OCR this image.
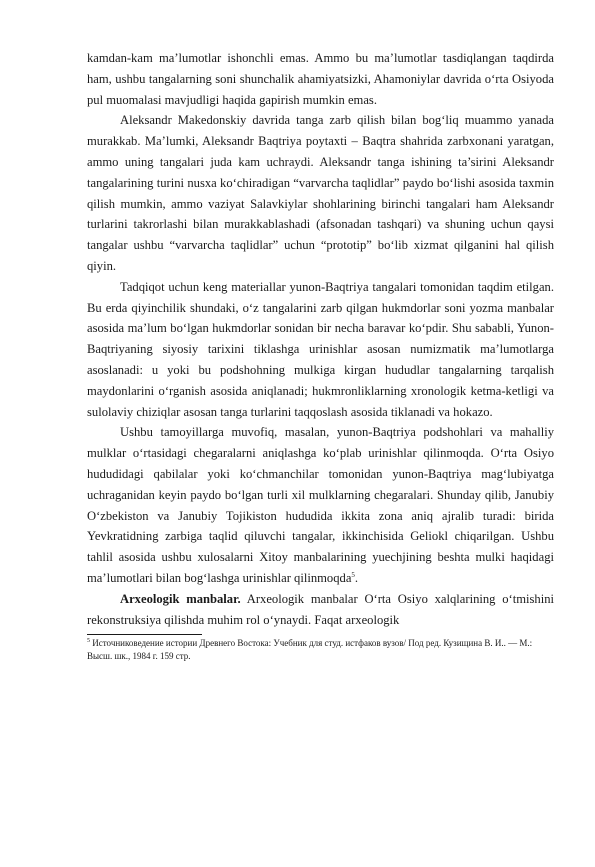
kamdan-kam ma’lumotlar ishonchli emas. Ammo bu ma’lumotlar tasdiqlangan taqdirda ham, ushbu tangalarning soni shunchalik ahamiyatsizki, Ahamoniylar davrida o‘rta Osiyoda pul muomalasi mavjudligi haqida gapirish mumkin emas.

Aleksandr Makedonskiy davrida tanga zarb qilish bilan bog‘liq muammo yanada murakkab. Ma’lumki, Aleksandr Baqtriya poytaxti – Baqtra shahrida zarbxonani yaratgan, ammo uning tangalari juda kam uchraydi. Aleksandr tanga ishining ta’sirini Aleksandr tangalarining turini nusxa ko‘chiradigan “varvarcha taqlidlar” paydo bo‘lishi asosida taxmin qilish mumkin, ammo vaziyat Salavkiylar shohlarining birinchi tangalari ham Aleksandr turlarini takrorlashi bilan murakkablashadi (afsonadan tashqari) va shuning uchun qaysi tangalar ushbu “varvarcha taqlidlar” uchun “prototip” bo‘lib xizmat qilganini hal qilish qiyin.

Tadqiqot uchun keng materiallar yunon-Baqtriya tangalari tomonidan taqdim etilgan. Bu erda qiyinchilik shundaki, o‘z tangalarini zarb qilgan hukmdorlar soni yozma manbalar asosida ma’lum bo‘lgan hukmdorlar sonidan bir necha baravar ko‘pdir. Shu sababli, Yunon-Baqtriyaning siyosiy tarixini tiklashga urinishlar asosan numizmatik ma’lumotlarga asoslanadi: u yoki bu podshohning mulkiga kirgan hududlar tangalarning tarqalish maydonlarini o‘rganish asosida aniqlanadi; hukmronliklarning xronologik ketma-ketligi va sulolaviy chiziqlar asosan tanga turlarini taqqoslash asosida tiklanadi va hokazo.

Ushbu tamoyillarga muvofiq, masalan, yunon-Baqtriya podshohlari va mahalliy mulklar o‘rtasidagi chegaralarni aniqlashga ko‘plab urinishlar qilinmoqda. O‘rta Osiyo hududidagi qabilalar yoki ko‘chmanchilar tomonidan yunon-Baqtriya mag‘lubiyatga uchraganidan keyin paydo bo‘lgan turli xil mulklarning chegaralari. Shunday qilib, Janubiy O‘zbekiston va Janubiy Tojikiston hududida ikkita zona aniq ajralib turadi: birida Yevkratidning zarbiga taqlid qiluvchi tangalar, ikkinchisida Geliokl chiqarilgan. Ushbu tahlil asosida ushbu xulosalarni Xitoy manbalarining yuechjining beshta mulki haqidagi ma’lumotlari bilan bog‘lashga urinishlar qilinmoqda$^5$.

Arxeologik manbalar. Arxeologik manbalar O‘rta Osiyo xalqlarining o‘tmishini rekonstruksiya qilishda muhim rol o‘ynaydi. Faqat arxeologik

$^5$ Источниковедение истории Древнего Востока: Учебник для студ. истфаков вузов/ Под ред. Кузищина В. И.. — М.: Высш. шк., 1984 г. 159 стр.
